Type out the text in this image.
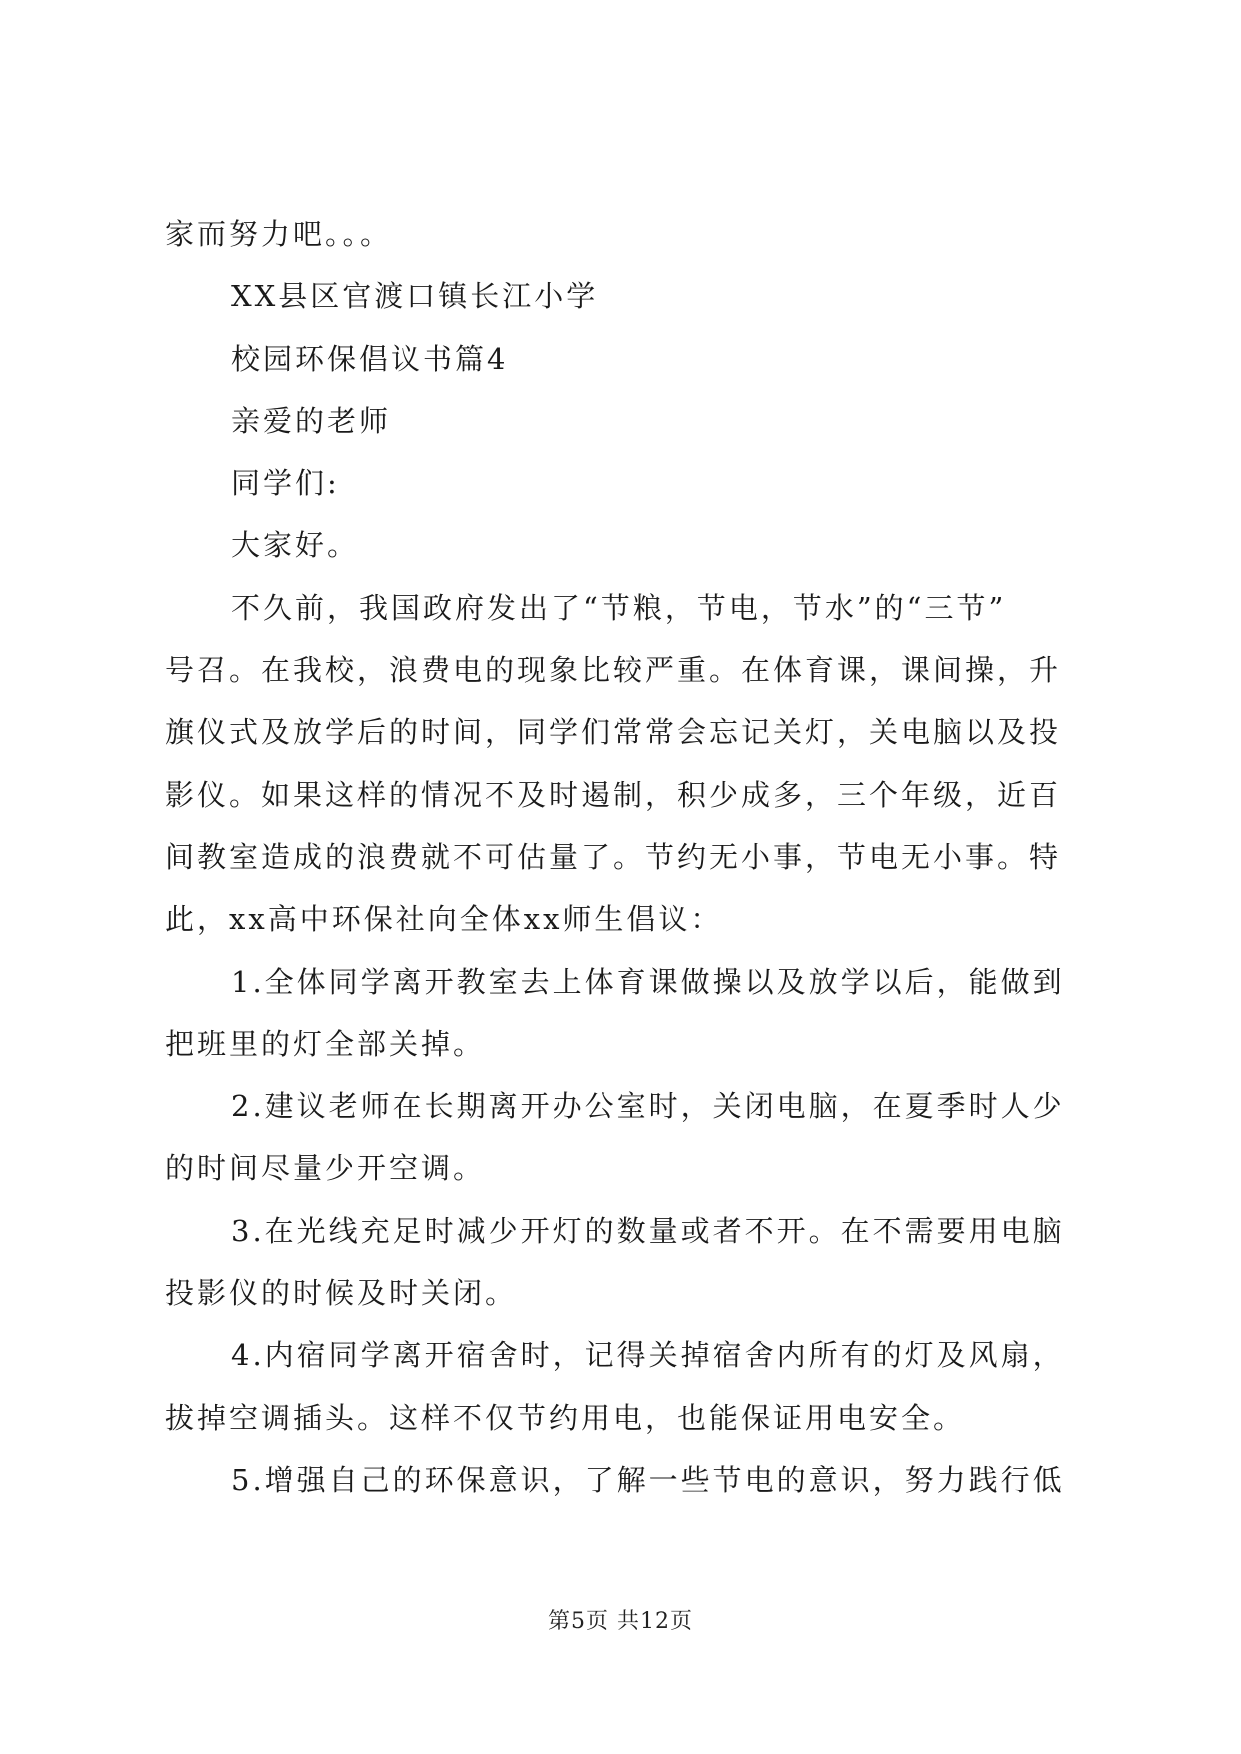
家而努力吧。。。
XX县区官渡口镇长江小学
校园环保倡议书篇4
亲爱的老师
同学们:
大家好。
不久前，我国政府发出了“节粮，节电，节水”的“三节”
号召。在我校，浪费电的现象比较严重。在体育课，课间操，升
旗仪式及放学后的时间，同学们常常会忘记关灯，关电脑以及投
影仪。如果这样的情况不及时遏制，积少成多，三个年级，近百
间教室造成的浪费就不可估量了。节约无小事，节电无小事。特
此，xx高中环保社向全体xx师生倡议：
1.全体同学离开教室去上体育课做操以及放学以后，能做到
把班里的灯全部关掉。
2.建议老师在长期离开办公室时，关闭电脑，在夏季时人少
的时间尽量少开空调。
3.在光线充足时减少开灯的数量或者不开。在不需要用电脑
投影仪的时候及时关闭。
4.内宿同学离开宿舍时，记得关掉宿舍内所有的灯及风扇，
拔掉空调插头。这样不仅节约用电，也能保证用电安全。
5.增强自己的环保意识，了解一些节电的意识，努力践行低
第5页 共12页
